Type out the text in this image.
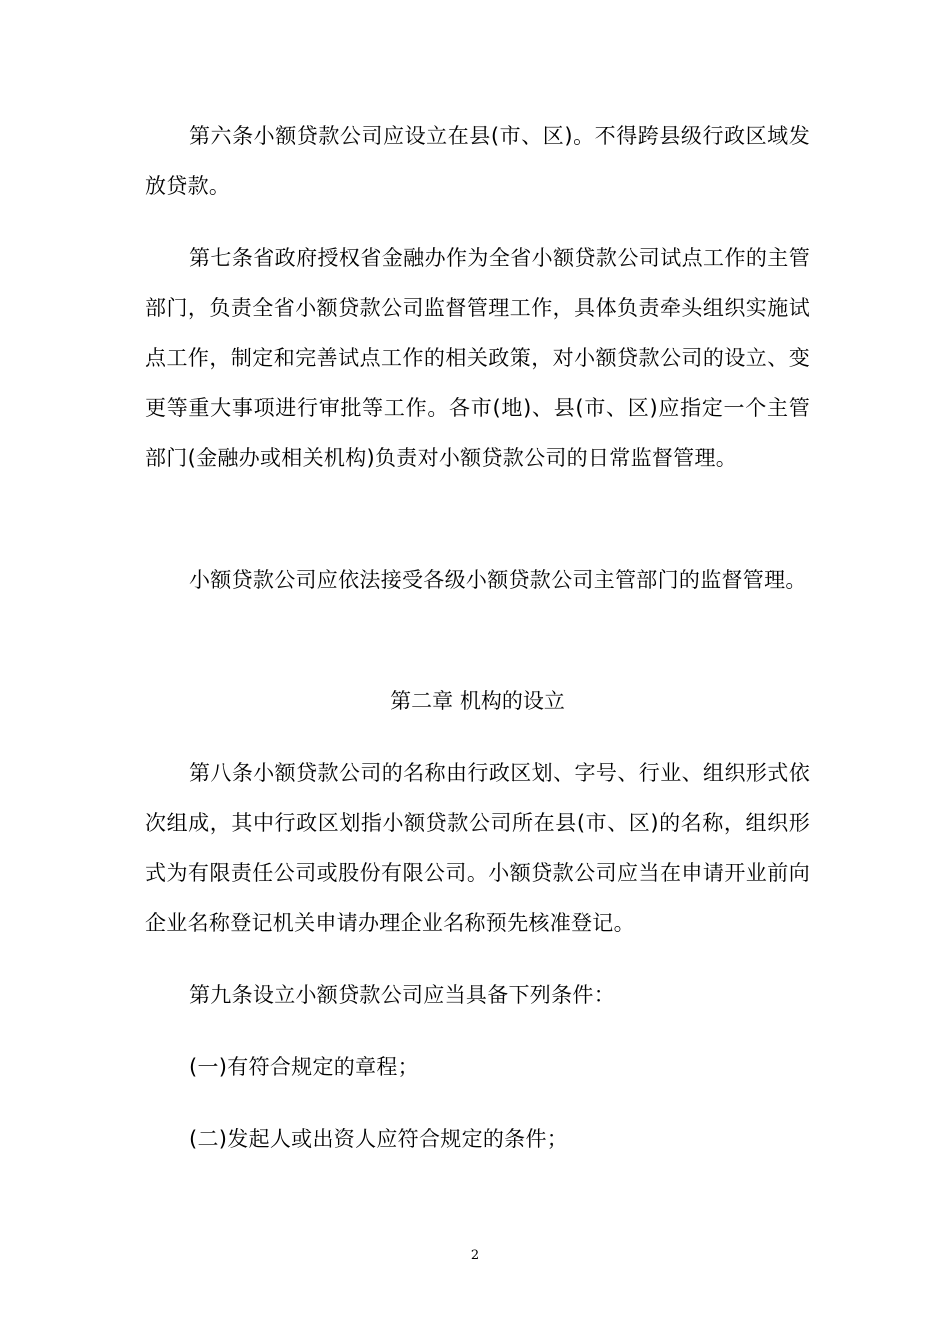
第六条小额贷款公司应设立在县(市、区)。不得跨县级行政区域发放贷款。

第七条省政府授权省金融办作为全省小额贷款公司试点工作的主管部门，负责全省小额贷款公司监督管理工作，具体负责牵头组织实施试点工作，制定和完善试点工作的相关政策，对小额贷款公司的设立、变更等重大事项进行审批等工作。各市(地)、县(市、区)应指定一个主管部门(金融办或相关机构)负责对小额贷款公司的日常监督管理。

小额贷款公司应依法接受各级小额贷款公司主管部门的监督管理。

第二章 机构的设立

第八条小额贷款公司的名称由行政区划、字号、行业、组织形式依次组成，其中行政区划指小额贷款公司所在县(市、区)的名称，组织形式为有限责任公司或股份有限公司。小额贷款公司应当在申请开业前向企业名称登记机关申请办理企业名称预先核准登记。

第九条设立小额贷款公司应当具备下列条件：

(一)有符合规定的章程；

(二)发起人或出资人应符合规定的条件；

2
